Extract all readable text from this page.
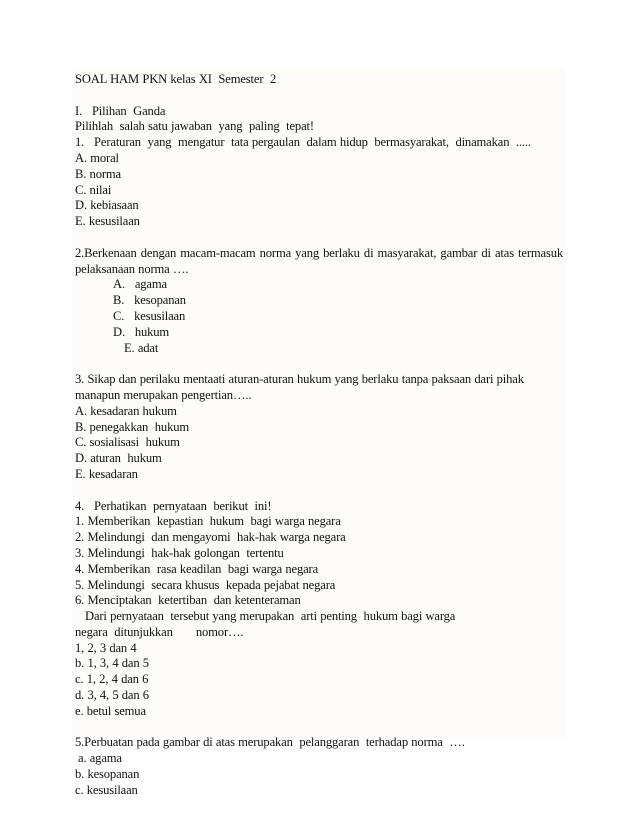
SOAL HAM PKN kelas XI  Semester  2
I.   Pilihan  Ganda
Pilihlah  salah satu jawaban  yang  paling  tepat!
1.   Peraturan  yang  mengatur  tata pergaulan  dalam hidup  bermasyarakat,  dinamakan  .....
A. moral
B. norma
C. nilai
D. kebiasaan
E. kesusilaan
2.Berkenaan dengan macam-macam norma yang berlaku di masyarakat, gambar di atas termasuk pelaksanaan norma ….
A.   agama
B.   kesopanan
C.   kesusilaan
D.   hukum
E. adat
3. Sikap dan perilaku mentaati aturan-aturan hukum yang berlaku tanpa paksaan dari pihak manapun merupakan pengertian…..
A. kesadaran hukum
B. penegakkan  hukum
C. sosialisasi  hukum
D. aturan  hukum
E. kesadaran
4.   Perhatikan  pernyataan  berikut  ini!
1. Memberikan  kepastian  hukum  bagi warga negara
2. Melindungi  dan mengayomi  hak-hak warga negara
3. Melindungi  hak-hak golongan  tertentu
4. Memberikan  rasa keadilan  bagi warga negara
5. Melindungi  secara khusus  kepada pejabat negara
6. Menciptakan  ketertiban  dan ketenteraman
Dari pernyataan  tersebut yang merupakan  arti penting  hukum bagi warga
negara  ditunjukkan       nomor….
1, 2, 3 dan 4
b. 1, 3, 4 dan 5
c. 1, 2, 4 dan 6
d. 3, 4, 5 dan 6
e. betul semua
5.Perbuatan pada gambar di atas merupakan  pelanggaran  terhadap norma  ….
a. agama
b. kesopanan
c. kesusilaan
